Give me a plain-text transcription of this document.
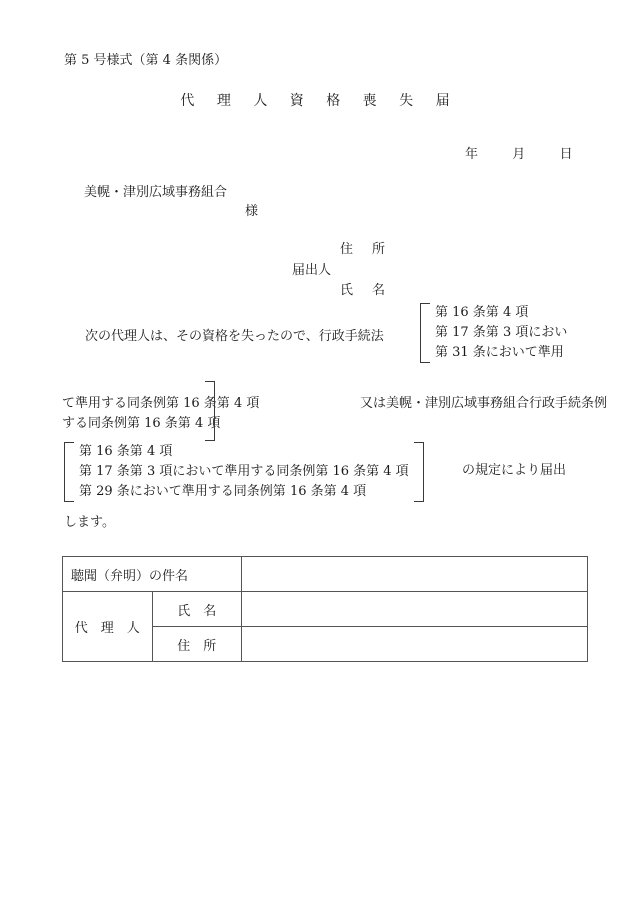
第 5 号様式（第 4 条関係）
代 理 人 資 格 喪 失 届
年	月	日
美幌・津別広域事務組合
様
住　所
届出人
氏　名
次の代理人は、その資格を失ったので、行政手続法
第 16 条第 4 項
第 17 条第 3 項におい
第 31 条において準用
て準用する同条例第 16 条第 4 項
する同条例第 16 条第 4 項

又は美幌・津別広域事務組合行政手続条例
第 16 条第 4 項
第 17 条第 3 項において準用する同条例第 16 条第 4 項
第 29 条において準用する同条例第 16 条第 4 項
の規定により届出
します。
聴聞（弁明）の件名		
代　理　人	氏　名	
	住　所	
